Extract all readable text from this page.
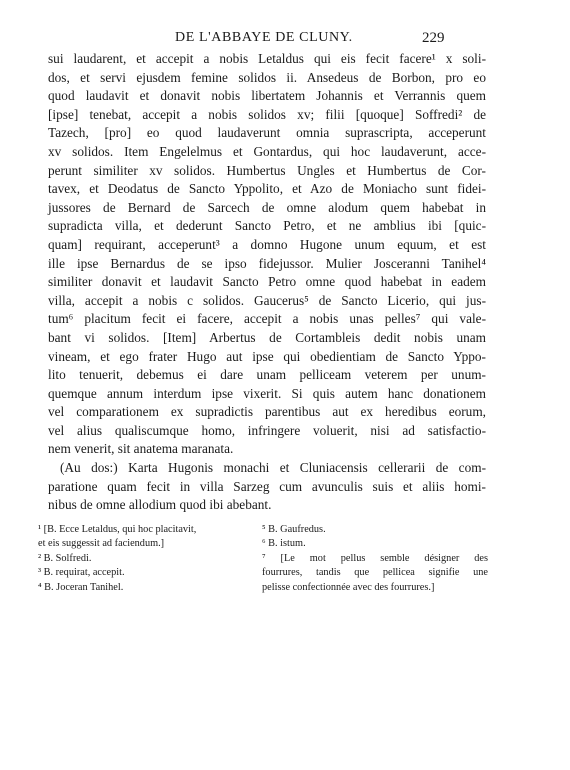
DE L'ABBAYE DE CLUNY.	229
sui laudarent, et accepit a nobis Letaldus qui eis fecit facere¹ x soli-
dos, et servi ejusdem femine solidos ii. Ansedeus de Borbon, pro eo
quod laudavit et donavit nobis libertatem Johannis et Verrannis quem
[ipse] tenebat, accepit a nobis solidos xv; filii [quoque] Soffredi² de
Tazech, [pro] eo quod laudaverunt omnia suprascripta, acceperunt
xv solidos. Item Engelelmus et Gontardus, qui hoc laudaverunt, acce-
perunt similiter xv solidos. Humbertus Ungles et Humbertus de Cor-
tavex, et Deodatus de Sancto Yppolito, et Azo de Moniacho sunt fidei-
jussores de Bernard de Sarcech de omne alodum quem habebat in
supradicta villa, et dederunt Sancto Petro, et ne amblius ibi [quic-
quam] requirant, acceperunt³ a domno Hugone unum equum, et est
ille ipse Bernardus de se ipso fidejussor. Mulier Josceranni Tanihel⁴
similiter donavit et laudavit Sancto Petro omne quod habebat in eadem
villa, accepit a nobis c solidos. Gaucerus⁵ de Sancto Licerio, qui jus-
tum⁶ placitum fecit ei facere, accepit a nobis unas pelles⁷ qui vale-
bant vi solidos. [Item] Arbertus de Cortambleis dedit nobis unam
vineam, et ego frater Hugo aut ipse qui obedientiam de Sancto Yppo-
lito tenuerit, debemus ei dare unam pelliceam veterem per unum-
quemque annum interdum ipse vixerit. Si quis autem hanc donationem
vel comparationem ex supradictis parentibus aut ex heredibus eorum,
vel alius qualiscumque homo, infringere voluerit, nisi ad satisfactio-
nem venerit, sit anatema maranata.
(Au dos:) Karta Hugonis monachi et Cluniacensis cellerarii de com-
paratione quam fecit in villa Sarzeg cum avunculis suis et aliis homi-
nibus de omne allodium quod ibi abebant.
¹ [B. Ecce Letaldus, qui hoc placitavit,
et eis suggessit ad faciendum.]
² B. Solfredi.
³ B. requirat, accepit.
⁴ B. Joceran Tanihel.
⁵ B. Gaufredus.
⁶ B. istum.
⁷ [Le mot pellus semble désigner des
fourrures, tandis que pellicea signifie une
pelisse confectionnée avec des fourrures.]
